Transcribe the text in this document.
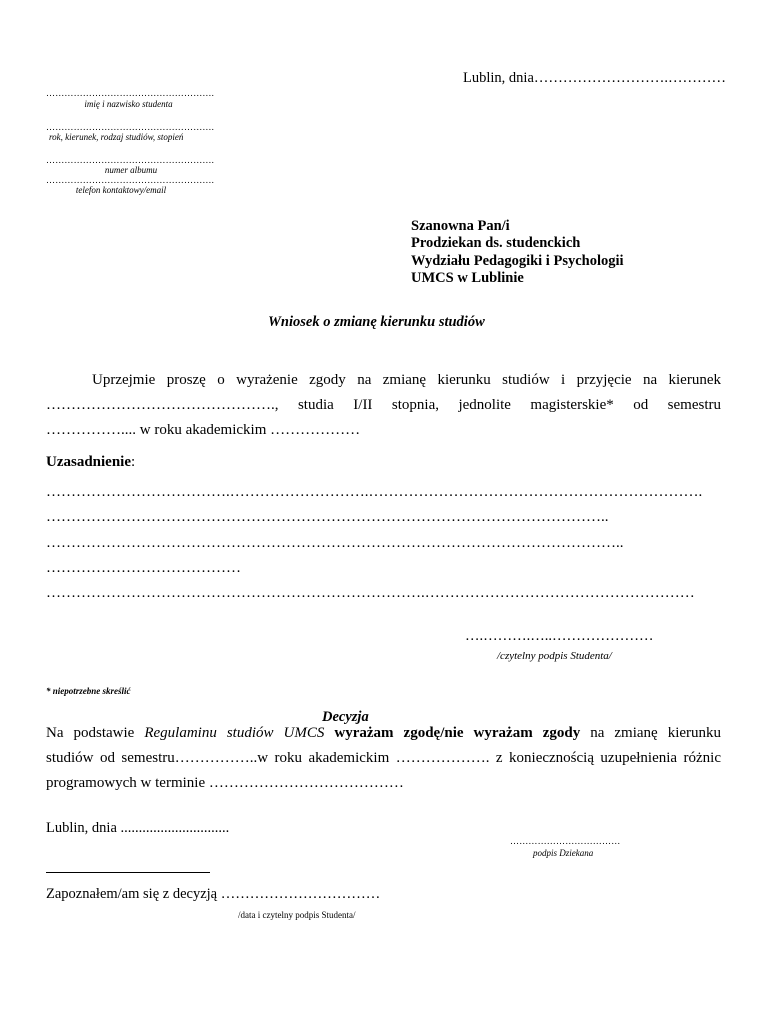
Lublin, dnia……………………….…………
……………………………………………….
imię i nazwisko studenta
……………………………………………….
rok, kierunek, rodzaj studiów, stopień
……………………………………………….
numer albumu
……………………………………………….
telefon kontaktowy/email
Szanowna Pan/i
Prodziekan ds. studenckich
Wydziału Pedagogiki i Psychologii
UMCS w Lublinie
Wniosek o zmianę kierunku studiów
Uprzejmie proszę o wyrażenie zgody na zmianę kierunku studiów i przyjęcie na kierunek
………………………………………., studia I/II stopnia, jednolite magisterskie* od semestru
…………….... w roku akademickim ………………
Uzasadnienie:
……………………………….……………………….………………………………………………………….
…………………………………………………………………………………………………..
……………………………………………………………………………………………………..
…………………………………
………………………………………………………………….………………………………………………
….……….…..…………………
/czytelny podpis Studenta/
* niepotrzebne skreślić
Decyzja
Na podstawie Regulaminu studiów UMCS wyrażam zgodę/nie wyrażam zgody na zmianę kierunku
studiów od semestru……………..w roku akademickim ………………. z koniecznością uzupełnienia różnic
programowych w terminie …………………………………
Lublin, dnia ..............................
………………………………
podpis Dziekana
Zapoznałem/am się z decyzją ……………………………
/data i czytelny podpis Studenta/
